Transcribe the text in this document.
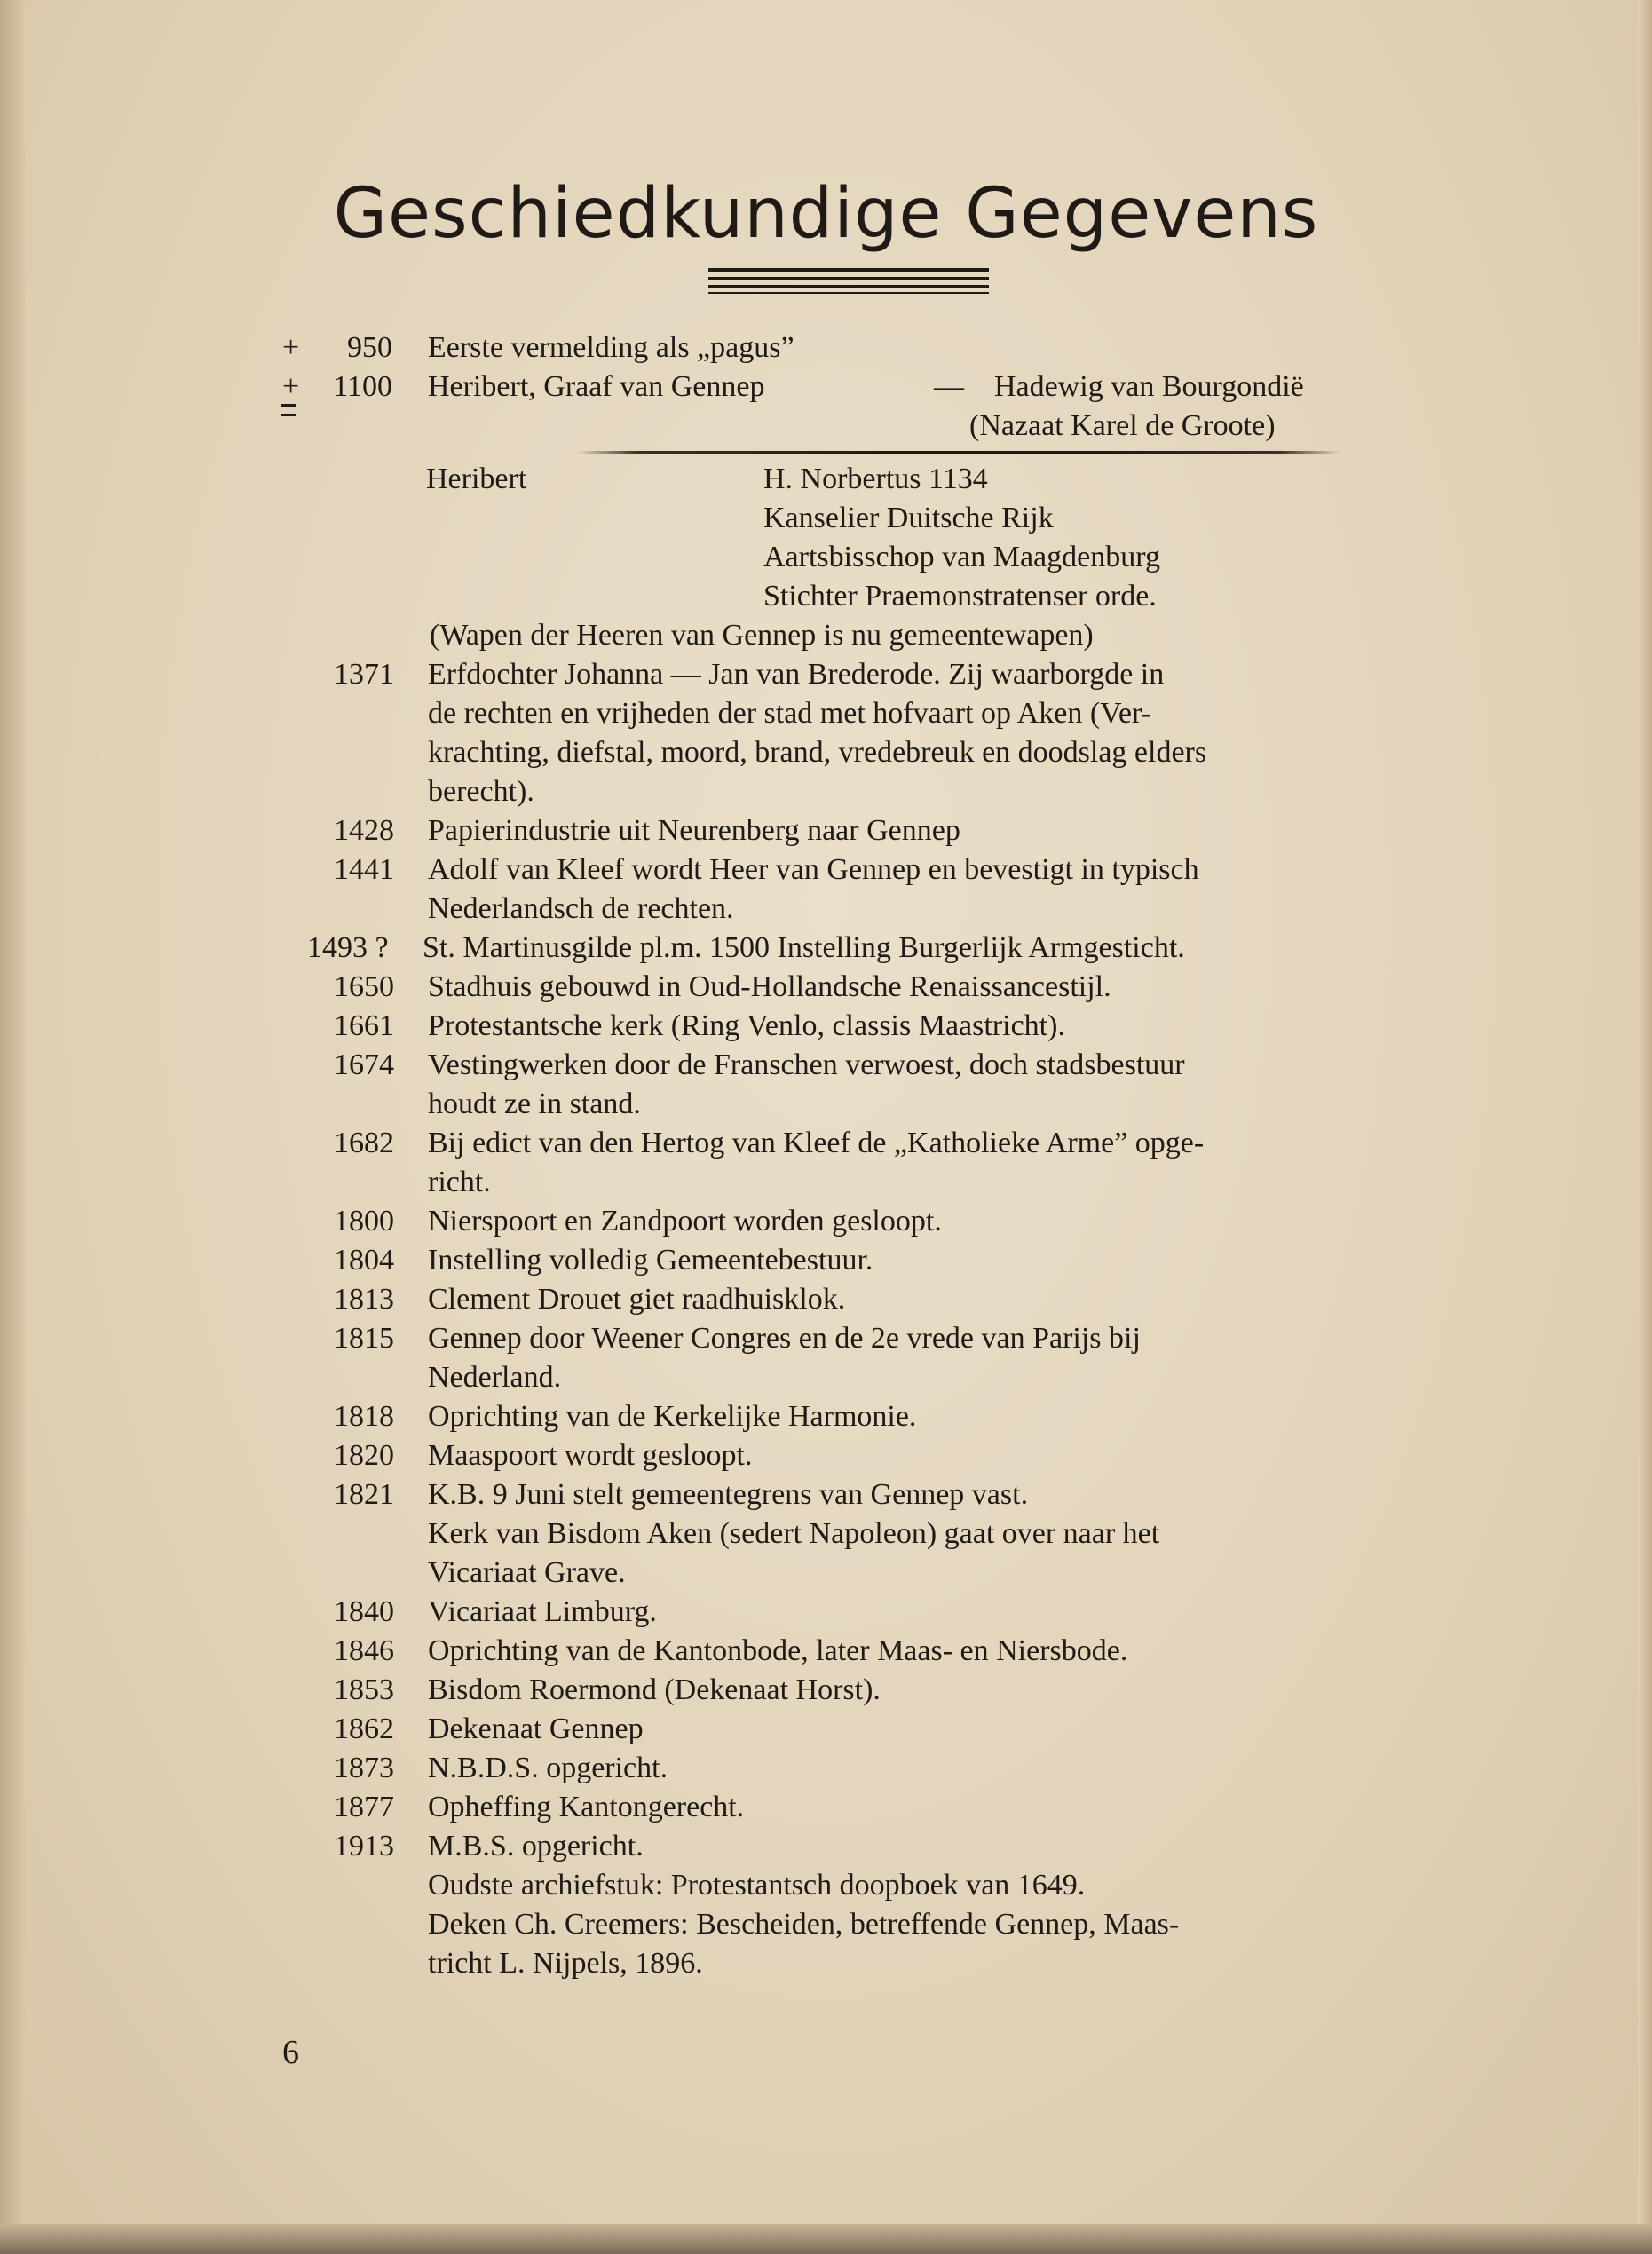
Geschiedkundige Gegevens
+	950 Eerste vermelding als „pagus”
+	1100 Heribert, Graaf van Gennep	— Hadewig van Bourgondië
(Nazaat Karel de Groote)
Heribert	H. Norbertus 1134
Kanselier Duitsche Rijk
Aartsbisschop van Maagdenburg
Stichter Praemonstratenser orde.
(Wapen der Heeren van Gennep is nu gemeentewapen)
1371 Erfdochter Johanna — Jan van Brederode. Zij waarborgde in
de rechten en vrijheden der stad met hofvaart op Aken (Ver-
krachting, diefstal, moord, brand, vredebreuk en doodslag elders
berecht).
1428 Papierindustrie uit Neurenberg naar Gennep
1441 Adolf van Kleef wordt Heer van Gennep en bevestigt in typisch
Nederlandsch de rechten.
1493 ?	St. Martinusgilde pl.m. 1500 Instelling Burgerlijk Armgesticht.
1650 Stadhuis gebouwd in Oud-Hollandsche Renaissancestijl.
1661 Protestantsche kerk (Ring Venlo, classis Maastricht).
1674 Vestingwerken door de Franschen verwoest, doch stadsbestuur
houdt ze in stand.
1682 Bij edict van den Hertog van Kleef de „Katholieke Arme” opge-
richt.
1800 Nierspoort en Zandpoort worden gesloopt.
1804 Instelling volledig Gemeentebestuur.
1813 Clement Drouet giet raadhuisklok.
1815 Gennep door Weener Congres en de 2e vrede van Parijs bij
Nederland.
1818 Oprichting van de Kerkelijke Harmonie.
1820 Maaspoort wordt gesloopt.
1821 K.B. 9 Juni stelt gemeentegrens van Gennep vast.
Kerk van Bisdom Aken (sedert Napoleon) gaat over naar het
Vicariaat Grave.
1840 Vicariaat Limburg.
1846 Oprichting van de Kantonbode, later Maas- en Niersbode.
1853 Bisdom Roermond (Dekenaat Horst).
1862 Dekenaat Gennep
1873 N.B.D.S. opgericht.
1877 Opheffing Kantongerecht.
1913 M.B.S. opgericht.
Oudste archiefstuk: Protestantsch doopboek van 1649.
Deken Ch. Creemers: Bescheiden, betreffende Gennep, Maas-
tricht L. Nijpels, 1896.
6
